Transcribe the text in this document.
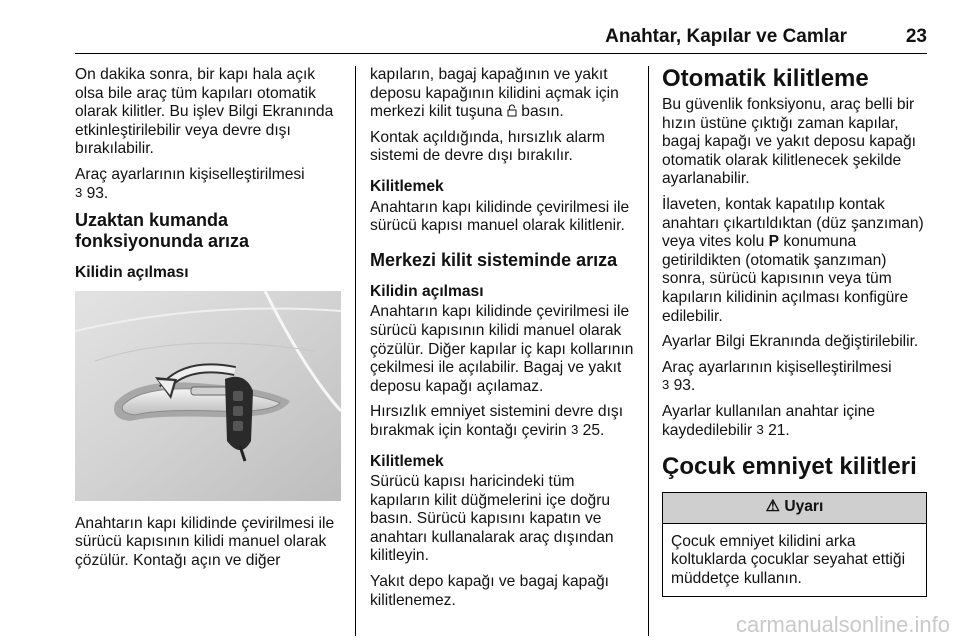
Anahtar, Kapılar ve Camlar	23

On dakika sonra, bir kapı hala açık olsa bile araç tüm kapıları otomatik olarak kilitler. Bu işlev Bilgi Ekranında etkinleştirilebilir veya devre dışı bırakılabilir.

Araç ayarlarının kişiselleştirilmesi
3 93.

Uzaktan kumanda fonksiyonunda arıza
Kilidin açılması

Anahtarın kapı kilidinde çevirilmesi ile sürücü kapısının kilidi manuel olarak çözülür. Kontağı açın ve diğer

kapıların, bagaj kapağının ve yakıt deposu kapağının kilidini açmak için merkezi kilit tuşuna basın.

Kontak açıldığında, hırsızlık alarm sistemi de devre dışı bırakılır.

Kilitlemek

Anahtarın kapı kilidinde çevirilmesi ile sürücü kapısı manuel olarak kilitlenir.

Merkezi kilit sisteminde arıza
Kilidin açılması

Anahtarın kapı kilidinde çevirilmesi ile sürücü kapısının kilidi manuel olarak çözülür. Diğer kapılar iç kapı kollarının çekilmesi ile açılabilir. Bagaj ve yakıt deposu kapağı açılamaz.

Hırsızlık emniyet sistemini devre dışı bırakmak için kontağı çevirin 3 25.

Kilitlemek

Sürücü kapısı haricindeki tüm kapıların kilit düğmelerini içe doğru basın. Sürücü kapısını kapatın ve anahtarı kullanalarak araç dışından kilitleyin.

Yakıt depo kapağı ve bagaj kapağı kilitlenemez.

Otomatik kilitleme

Bu güvenlik fonksiyonu, araç belli bir hızın üstüne çıktığı zaman kapılar, bagaj kapağı ve yakıt deposu kapağı otomatik olarak kilitlenecek şekilde ayarlanabilir.

İlaveten, kontak kapatılıp kontak anahtarı çıkartıldıktan (düz şanzıman) veya vites kolu P konumuna getirildikten (otomatik şanzıman) sonra, sürücü kapısının veya tüm kapıların kilidinin açılması konfigüre edilebilir.

Ayarlar Bilgi Ekranında değiştirilebilir.

Araç ayarlarının kişiselleştirilmesi
3 93.

Ayarlar kullanılan anahtar içine kaydedilebilir 3 21.

Çocuk emniyet kilitleri
⚠ Uyarı
Çocuk emniyet kilidini arka koltuklarda çocuklar seyahat ettiği müddetçe kullanın.
carmanualsonline.info
